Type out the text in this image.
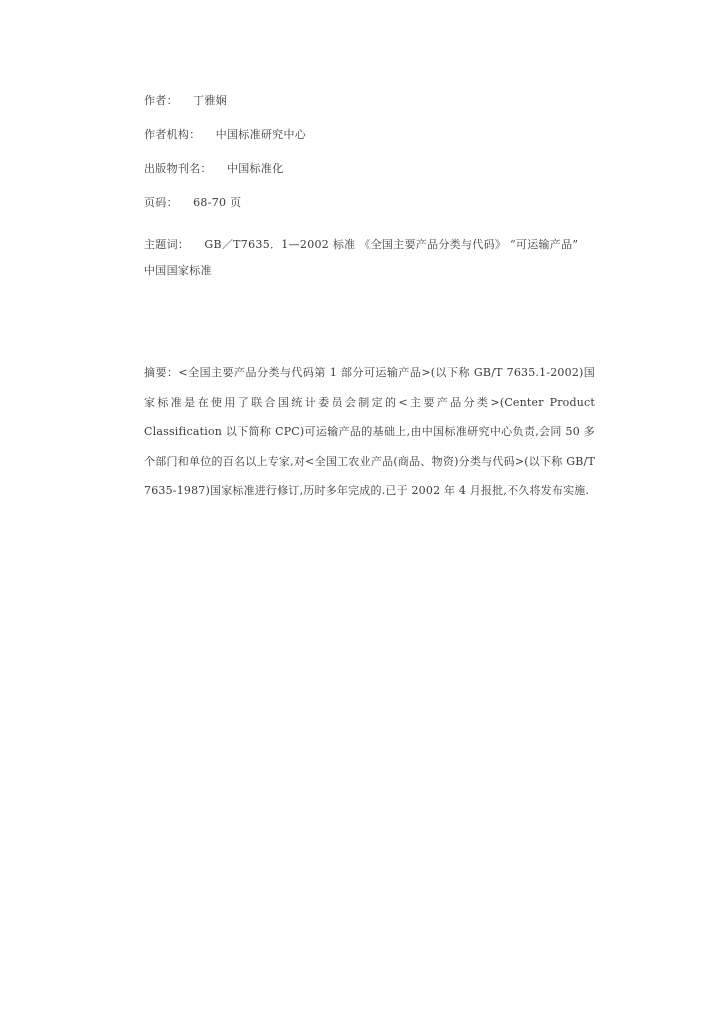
作者： 丁雅娴
作者机构： 中国标准研究中心
出版物刊名： 中国标准化
页码： 68-70 页
主题词： GB／T7635．1—2002 标准 《全国主要产品分类与代码》 “可运输产品”
中国国家标准

摘要：<全国主要产品分类与代码第 1 部分可运输产品>(以下称 GB/T 7635.1-2002)国家标准是在使用了联合国统计委员会制定的<主要产品分类>(Center Product Classification 以下简称 CPC)可运输产品的基础上,由中国标准研究中心负责,会同 50 多个部门和单位的百名以上专家,对<全国工农业产品(商品、物资)分类与代码>(以下称 GB/T 7635-1987)国家标准进行修订,历时多年完成的.已于 2002 年 4 月报批,不久将发布实施.
